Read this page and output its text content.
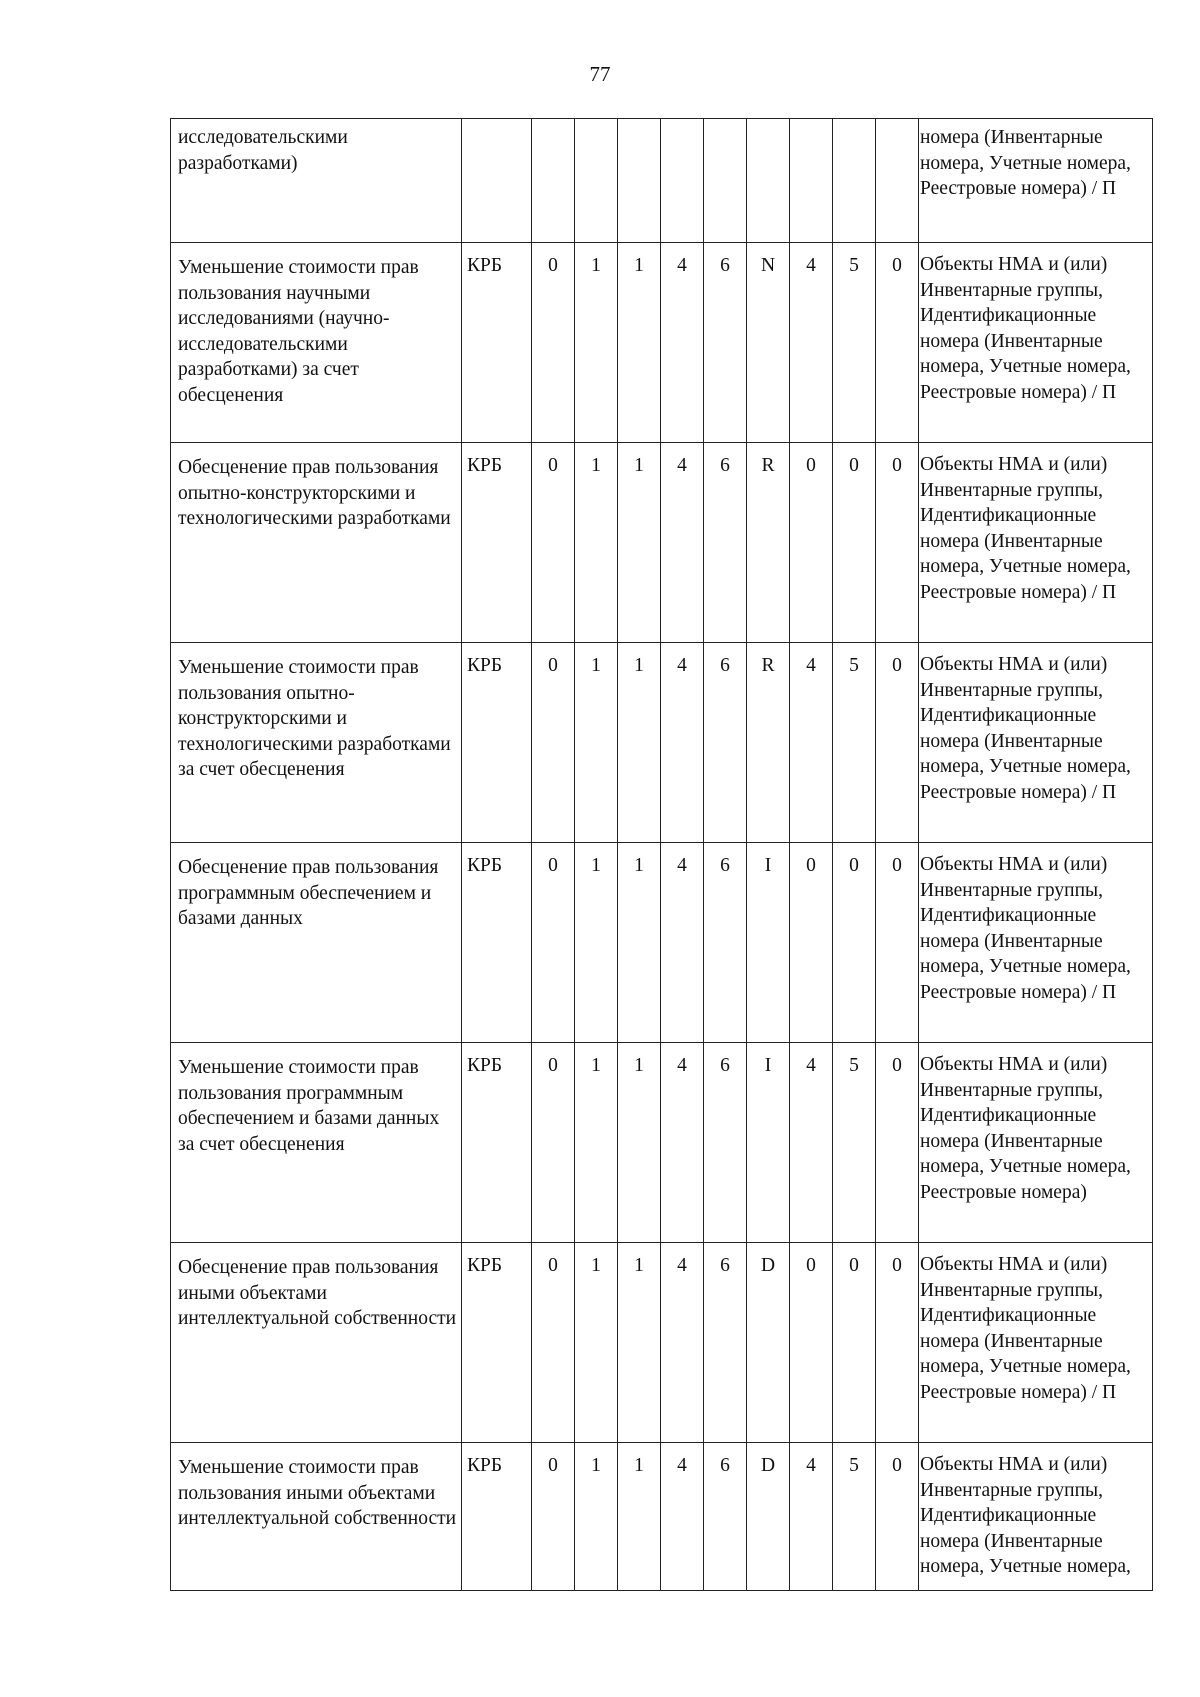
77
исследовательскими разработками)											номера (Инвентарные номера, Учетные номера, Реестровые номера) / П
Уменьшение стоимости прав пользования научными исследованиями (научно-исследовательскими разработками) за счет обесценения	КРБ	0	1	1	4	6	N	4	5	0	Объекты НМА и (или) Инвентарные группы, Идентификационные номера (Инвентарные номера, Учетные номера, Реестровые номера) / П
Обесценение прав пользования опытно-конструкторскими и технологическими разработками	КРБ	0	1	1	4	6	R	0	0	0	Объекты НМА и (или) Инвентарные группы, Идентификационные номера (Инвентарные номера, Учетные номера, Реестровые номера) / П
Уменьшение стоимости прав пользования опытно-конструкторскими и технологическими разработками за счет обесценения	КРБ	0	1	1	4	6	R	4	5	0	Объекты НМА и (или) Инвентарные группы, Идентификационные номера (Инвентарные номера, Учетные номера, Реестровые номера) / П
Обесценение прав пользования программным обеспечением и базами данных	КРБ	0	1	1	4	6	I	0	0	0	Объекты НМА и (или) Инвентарные группы, Идентификационные номера (Инвентарные номера, Учетные номера, Реестровые номера) / П
Уменьшение стоимости прав пользования программным обеспечением и базами данных за счет обесценения	КРБ	0	1	1	4	6	I	4	5	0	Объекты НМА и (или) Инвентарные группы, Идентификационные номера (Инвентарные номера, Учетные номера, Реестровые номера)
Обесценение прав пользования иными объектами интеллектуальной собственности	КРБ	0	1	1	4	6	D	0	0	0	Объекты НМА и (или) Инвентарные группы, Идентификационные номера (Инвентарные номера, Учетные номера, Реестровые номера) / П
Уменьшение стоимости прав пользования иными объектами интеллектуальной собственности	КРБ	0	1	1	4	6	D	4	5	0	Объекты НМА и (или) Инвентарные группы, Идентификационные номера (Инвентарные номера, Учетные номера,
